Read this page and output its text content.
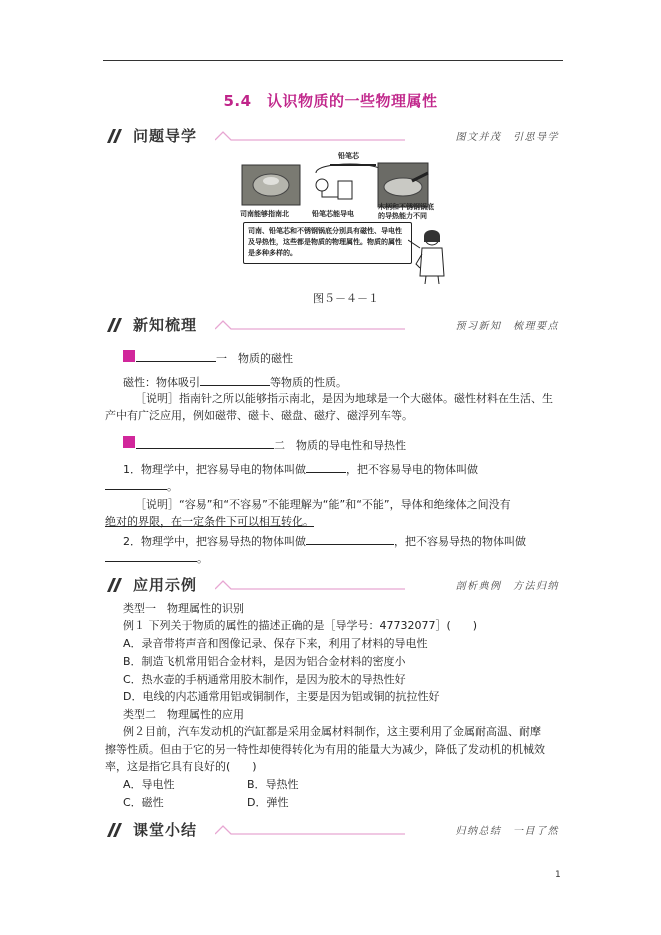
5.4　认识物质的一些物理属性
问题导学	图文并茂　引思导学
铅笔芯
司南能够指南北	铅笔芯能导电
木柄和不锈钢锅底的导热能力不同
司南、铅笔芯和不锈钢锅底分别具有磁性、导电性及导热性，这些都是物质的物理属性。物质的属性是多种多样的。
图５－４－１
新知梳理	预习新知　梳理要点
一　物质的磁性
磁性：物体吸引	等物质的性质。
［说明］指南针之所以能够指示南北，是因为地球是一个大磁体。磁性材料在生活、生
产中有广泛应用，例如磁带、磁卡、磁盘、磁疗、磁浮列车等。
二　物质的导电性和导热性
1．物理学中，把容易导电的物体叫做	，把不容易导电的物体叫做
。
［说明］“容易”和“不容易”不能理解为“能”和“不能”，导体和绝缘体之间没有
绝对的界限，在一定条件下可以相互转化。
2．物理学中，把容易导热的物体叫做	，把不容易导热的物体叫做
。
应用示例	剖析典例　方法归纳
类型一　物理属性的识别
例１ 下列关于物质的属性的描述正确的是［导学号：47732077］(　　)
A．录音带将声音和图像记录、保存下来，利用了材料的导电性
B．制造飞机常用铝合金材料，是因为铝合金材料的密度小
C．热水壶的手柄通常用胶木制作，是因为胶木的导热性好
D．电线的内芯通常用铝或铜制作，主要是因为铝或铜的抗拉性好
类型二　物理属性的应用
例２目前，汽车发动机的汽缸都是采用金属材料制作，这主要利用了金属耐高温、耐摩
擦等性质。但由于它的另一特性却使得转化为有用的能量大为减少，降低了发动机的机械效
率，这是指它具有良好的(　　)
A．导电性	B．导热性
C．磁性	D．弹性
课堂小结	归纳总结　一目了然
1
